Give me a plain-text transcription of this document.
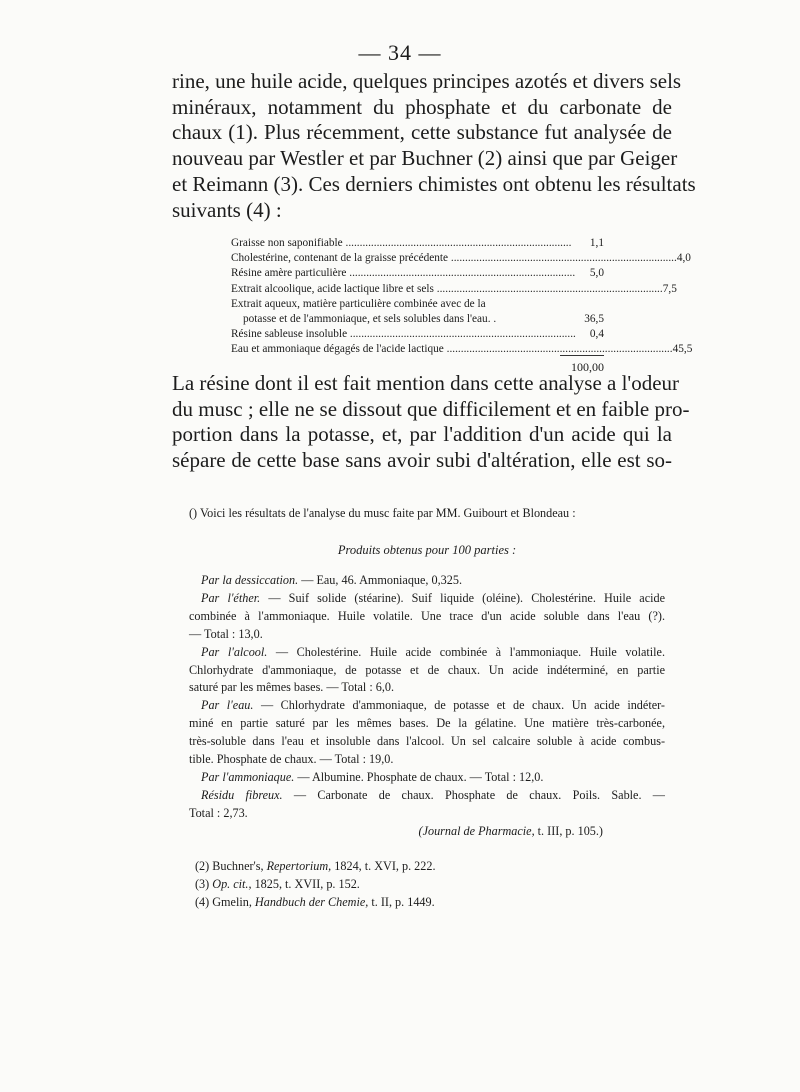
— 34 —
rine, une huile acide, quelques principes azotés et divers sels
minéraux, notamment du phosphate et du carbonate de
chaux (1). Plus récemment, cette substance fut analysée de
nouveau par Westler et par Buchner (2) ainsi que par Geiger
et Reimann (3). Ces derniers chimistes ont obtenu les résultats
suivants (4) :
Graisse non saponifiable ................................................................................	1,1
Cholestérine, contenant de la graisse précédente ................................................................................ 4,0
Résine amère particulière ................................................................................	5,0
Extrait alcoolique, acide lactique libre et sels ................................................................................ 7,5
Extrait aqueux, matière particulière combinée avec de la
potasse et de l'ammoniaque, et sels solubles dans l'eau. .	36,5
Résine sableuse insoluble ................................................................................	0,4
Eau et ammoniaque dégagés de l'acide lactique ................................................................................ 45,5
100,00
La résine dont il est fait mention dans cette analyse a l'odeur
du musc ; elle ne se dissout que difficilement et en faible pro-
portion dans la potasse, et, par l'addition d'un acide qui la
sépare de cette base sans avoir subi d'altération, elle est so-
() Voici les résultats de l'analyse du musc faite par MM. Guibourt et Blondeau :
Produits obtenus pour 100 parties :
Par la dessiccation. — Eau, 46. Ammoniaque, 0,325.
Par l'éther. — Suif solide (stéarine). Suif liquide (oléine). Cholestérine. Huile acide
combinée à l'ammoniaque. Huile volatile. Une trace d'un acide soluble dans l'eau (?).
— Total : 13,0.
Par l'alcool. — Cholestérine. Huile acide combinée à l'ammoniaque. Huile volatile.
Chlorhydrate d'ammoniaque, de potasse et de chaux. Un acide indéterminé, en partie
saturé par les mêmes bases. — Total : 6,0.
Par l'eau. — Chlorhydrate d'ammoniaque, de potasse et de chaux. Un acide indéter-
miné en partie saturé par les mêmes bases. De la gélatine. Une matière très-carbonée,
très-soluble dans l'eau et insoluble dans l'alcool. Un sel calcaire soluble à acide combus-
tible. Phosphate de chaux. — Total : 19,0.
Par l'ammoniaque. — Albumine. Phosphate de chaux. — Total : 12,0.
Résidu fibreux. — Carbonate de chaux. Phosphate de chaux. Poils. Sable. —
Total : 2,73.
(Journal de Pharmacie, t. III, p. 105.)
(2) Buchner's, Repertorium, 1824, t. XVI, p. 222.
(3) Op. cit., 1825, t. XVII, p. 152.
(4) Gmelin, Handbuch der Chemie, t. II, p. 1449.
